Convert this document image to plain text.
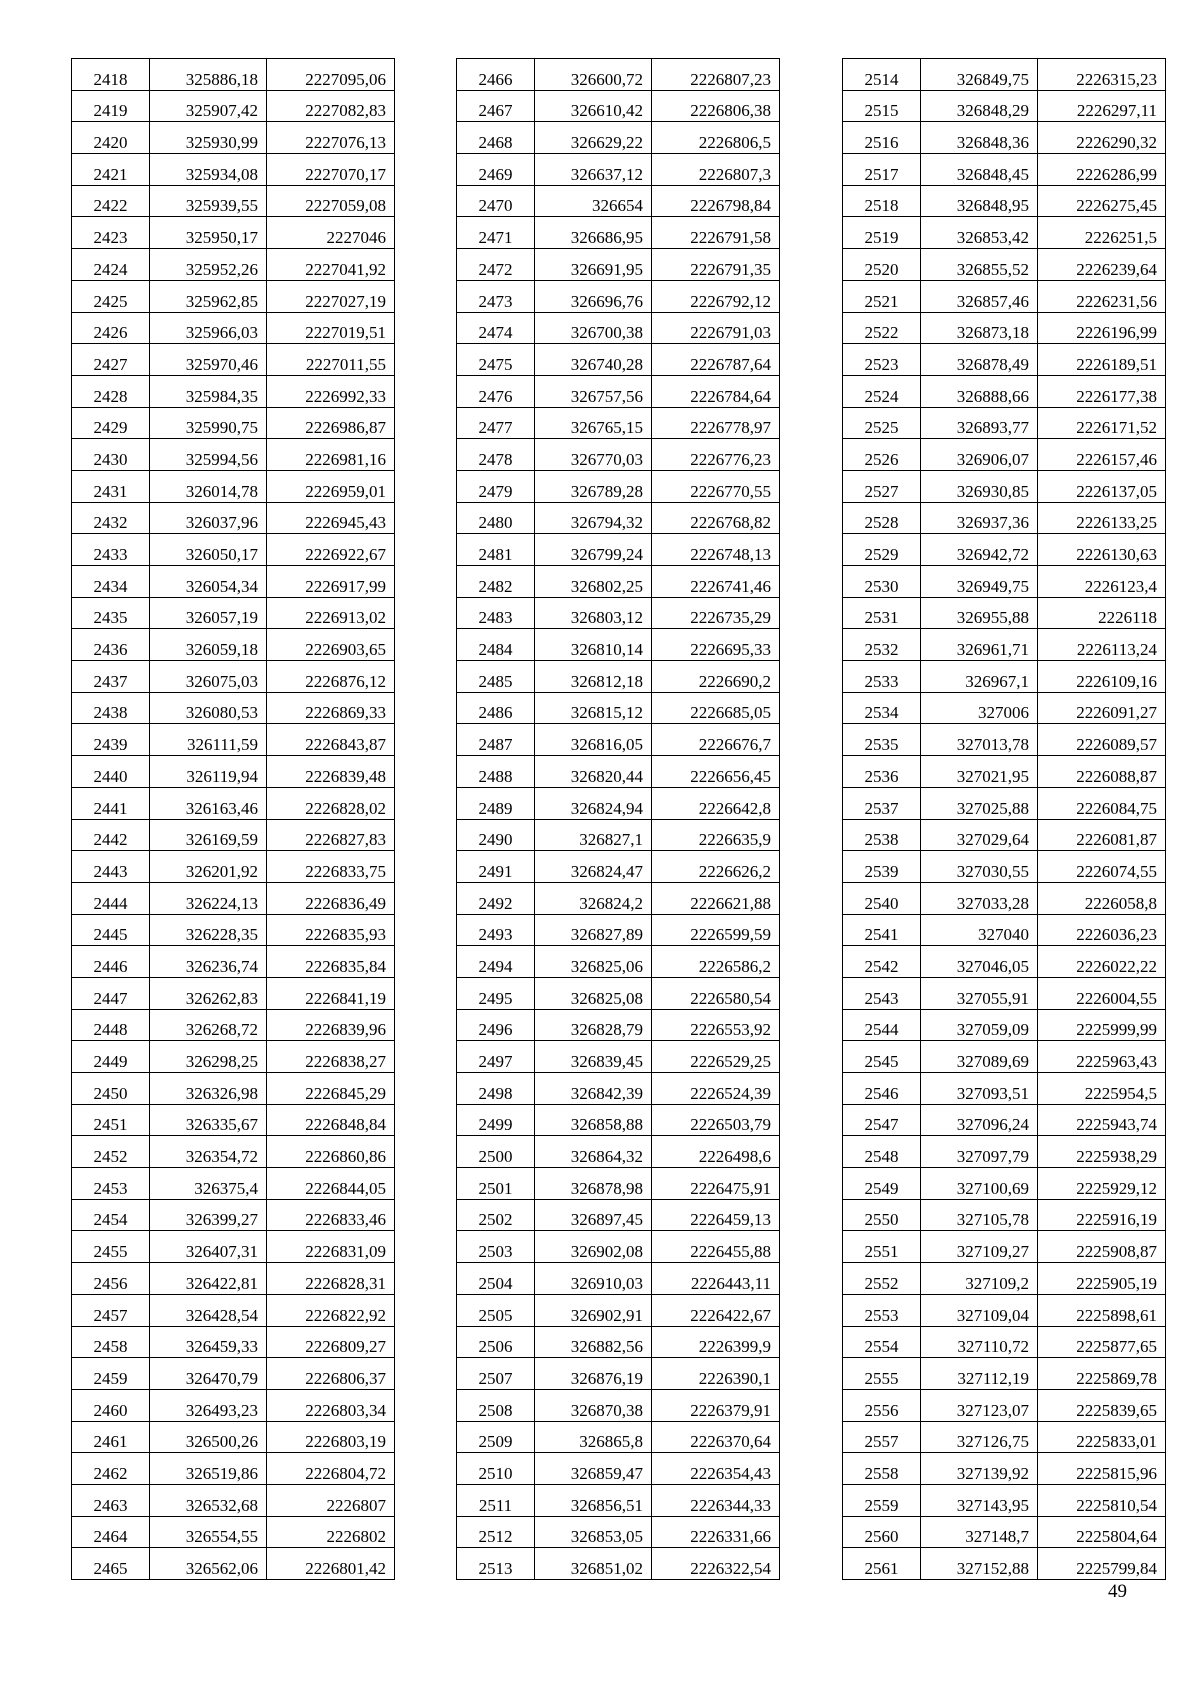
2418	325886,18	2227095,06
2419	325907,42	2227082,83
2420	325930,99	2227076,13
2421	325934,08	2227070,17
2422	325939,55	2227059,08
2423	325950,17	2227046
2424	325952,26	2227041,92
2425	325962,85	2227027,19
2426	325966,03	2227019,51
2427	325970,46	2227011,55
2428	325984,35	2226992,33
2429	325990,75	2226986,87
2430	325994,56	2226981,16
2431	326014,78	2226959,01
2432	326037,96	2226945,43
2433	326050,17	2226922,67
2434	326054,34	2226917,99
2435	326057,19	2226913,02
2436	326059,18	2226903,65
2437	326075,03	2226876,12
2438	326080,53	2226869,33
2439	326111,59	2226843,87
2440	326119,94	2226839,48
2441	326163,46	2226828,02
2442	326169,59	2226827,83
2443	326201,92	2226833,75
2444	326224,13	2226836,49
2445	326228,35	2226835,93
2446	326236,74	2226835,84
2447	326262,83	2226841,19
2448	326268,72	2226839,96
2449	326298,25	2226838,27
2450	326326,98	2226845,29
2451	326335,67	2226848,84
2452	326354,72	2226860,86
2453	326375,4	2226844,05
2454	326399,27	2226833,46
2455	326407,31	2226831,09
2456	326422,81	2226828,31
2457	326428,54	2226822,92
2458	326459,33	2226809,27
2459	326470,79	2226806,37
2460	326493,23	2226803,34
2461	326500,26	2226803,19
2462	326519,86	2226804,72
2463	326532,68	2226807
2464	326554,55	2226802
2465	326562,06	2226801,42
2466	326600,72	2226807,23
2467	326610,42	2226806,38
2468	326629,22	2226806,5
2469	326637,12	2226807,3
2470	326654	2226798,84
2471	326686,95	2226791,58
2472	326691,95	2226791,35
2473	326696,76	2226792,12
2474	326700,38	2226791,03
2475	326740,28	2226787,64
2476	326757,56	2226784,64
2477	326765,15	2226778,97
2478	326770,03	2226776,23
2479	326789,28	2226770,55
2480	326794,32	2226768,82
2481	326799,24	2226748,13
2482	326802,25	2226741,46
2483	326803,12	2226735,29
2484	326810,14	2226695,33
2485	326812,18	2226690,2
2486	326815,12	2226685,05
2487	326816,05	2226676,7
2488	326820,44	2226656,45
2489	326824,94	2226642,8
2490	326827,1	2226635,9
2491	326824,47	2226626,2
2492	326824,2	2226621,88
2493	326827,89	2226599,59
2494	326825,06	2226586,2
2495	326825,08	2226580,54
2496	326828,79	2226553,92
2497	326839,45	2226529,25
2498	326842,39	2226524,39
2499	326858,88	2226503,79
2500	326864,32	2226498,6
2501	326878,98	2226475,91
2502	326897,45	2226459,13
2503	326902,08	2226455,88
2504	326910,03	2226443,11
2505	326902,91	2226422,67
2506	326882,56	2226399,9
2507	326876,19	2226390,1
2508	326870,38	2226379,91
2509	326865,8	2226370,64
2510	326859,47	2226354,43
2511	326856,51	2226344,33
2512	326853,05	2226331,66
2513	326851,02	2226322,54
2514	326849,75	2226315,23
2515	326848,29	2226297,11
2516	326848,36	2226290,32
2517	326848,45	2226286,99
2518	326848,95	2226275,45
2519	326853,42	2226251,5
2520	326855,52	2226239,64
2521	326857,46	2226231,56
2522	326873,18	2226196,99
2523	326878,49	2226189,51
2524	326888,66	2226177,38
2525	326893,77	2226171,52
2526	326906,07	2226157,46
2527	326930,85	2226137,05
2528	326937,36	2226133,25
2529	326942,72	2226130,63
2530	326949,75	2226123,4
2531	326955,88	2226118
2532	326961,71	2226113,24
2533	326967,1	2226109,16
2534	327006	2226091,27
2535	327013,78	2226089,57
2536	327021,95	2226088,87
2537	327025,88	2226084,75
2538	327029,64	2226081,87
2539	327030,55	2226074,55
2540	327033,28	2226058,8
2541	327040	2226036,23
2542	327046,05	2226022,22
2543	327055,91	2226004,55
2544	327059,09	2225999,99
2545	327089,69	2225963,43
2546	327093,51	2225954,5
2547	327096,24	2225943,74
2548	327097,79	2225938,29
2549	327100,69	2225929,12
2550	327105,78	2225916,19
2551	327109,27	2225908,87
2552	327109,2	2225905,19
2553	327109,04	2225898,61
2554	327110,72	2225877,65
2555	327112,19	2225869,78
2556	327123,07	2225839,65
2557	327126,75	2225833,01
2558	327139,92	2225815,96
2559	327143,95	2225810,54
2560	327148,7	2225804,64
2561	327152,88	2225799,84
49
